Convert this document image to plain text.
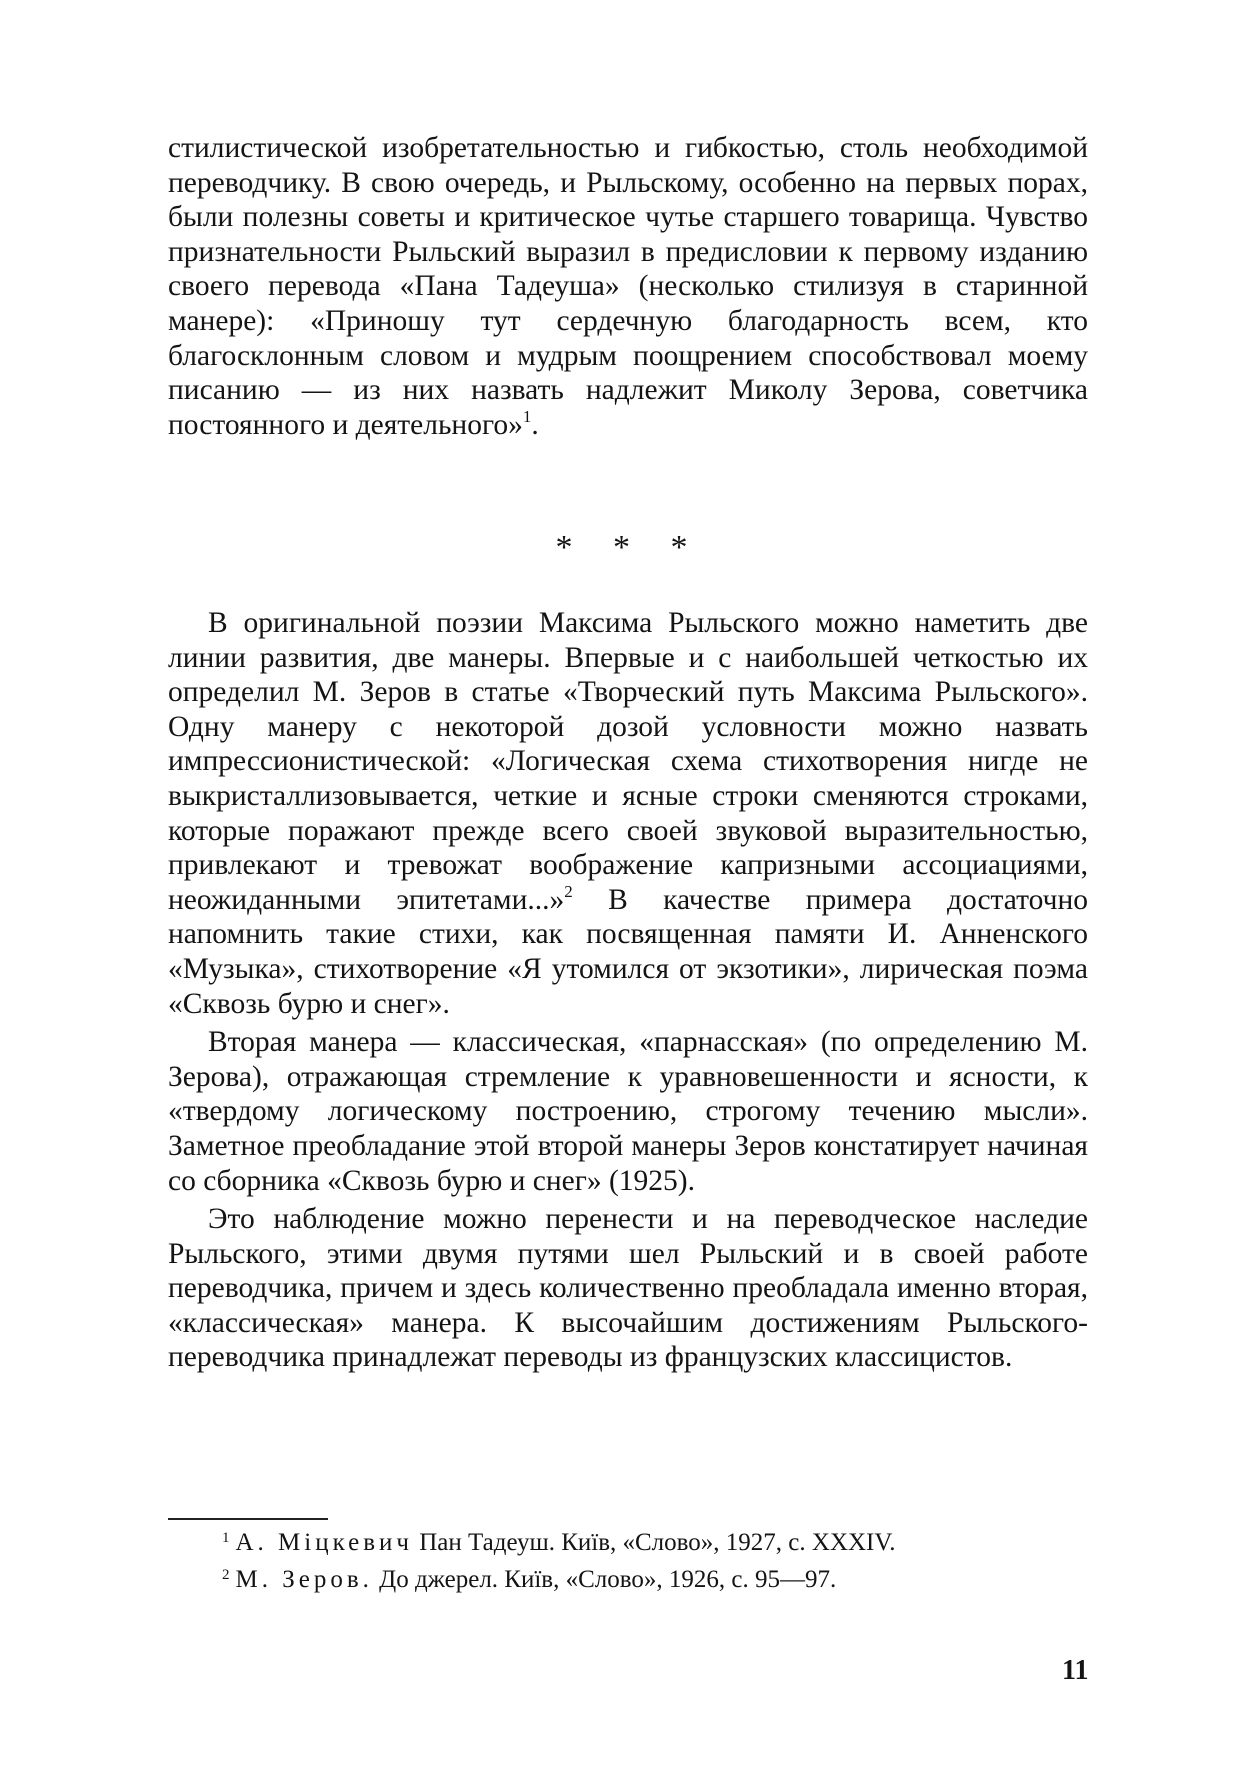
стилистической изобретательностью и гибкостью, столь необходимой переводчику. В свою очередь, и Рыльскому, особенно на первых порах, были полезны советы и критическое чутье старшего товарища. Чувство признательности Рыльский выразил в предисловии к первому изданию своего перевода «Пана Тадеуша» (несколько стилизуя в старинной манере): «Приношу тут сердечную благодарность всем, кто благосклонным словом и мудрым поощрением способствовал моему писанию — из них назвать надлежит Миколу Зерова, советчика постоянного и деятельного»$^1$.

* * *

В оригинальной поэзии Максима Рыльского можно наметить две линии развития, две манеры. Впервые и с наибольшей четкостью их определил М. Зеров в статье «Творческий путь Максима Рыльского». Одну манеру с некоторой дозой условности можно назвать импрессионистической: «Логическая схема стихотворения нигде не выкристаллизовывается, четкие и ясные строки сменяются строками, которые поражают прежде всего своей звуковой выразительностью, привлекают и тревожат воображение капризными ассоциациями, неожиданными эпитетами...»$^2$ В качестве примера достаточно напомнить такие стихи, как посвященная памяти И. Анненского «Музыка», стихотворение «Я утомился от экзотики», лирическая поэма «Сквозь бурю и снег».

Вторая манера — классическая, «парнасская» (по определению М. Зерова), отражающая стремление к уравновешенности и ясности, к «твердому логическому построению, строгому течению мысли». Заметное преобладание этой второй манеры Зеров констатирует начиная со сборника «Сквозь бурю и снег» (1925).

Это наблюдение можно перенести и на переводческое наследие Рыльского, этими двумя путями шел Рыльский и в своей работе переводчика, причем и здесь количественно преобладала именно вторая, «классическая» манера. К высочайшим достижениям Рыльского-переводчика принадлежат переводы из французских классицистов.

$^1$ А. Міцкевич Пан Тадеуш. Київ, «Слово», 1927, с. XXXIV.
$^2$ М. Зеров. До джерел. Київ, «Слово», 1926, с. 95—97.
11
